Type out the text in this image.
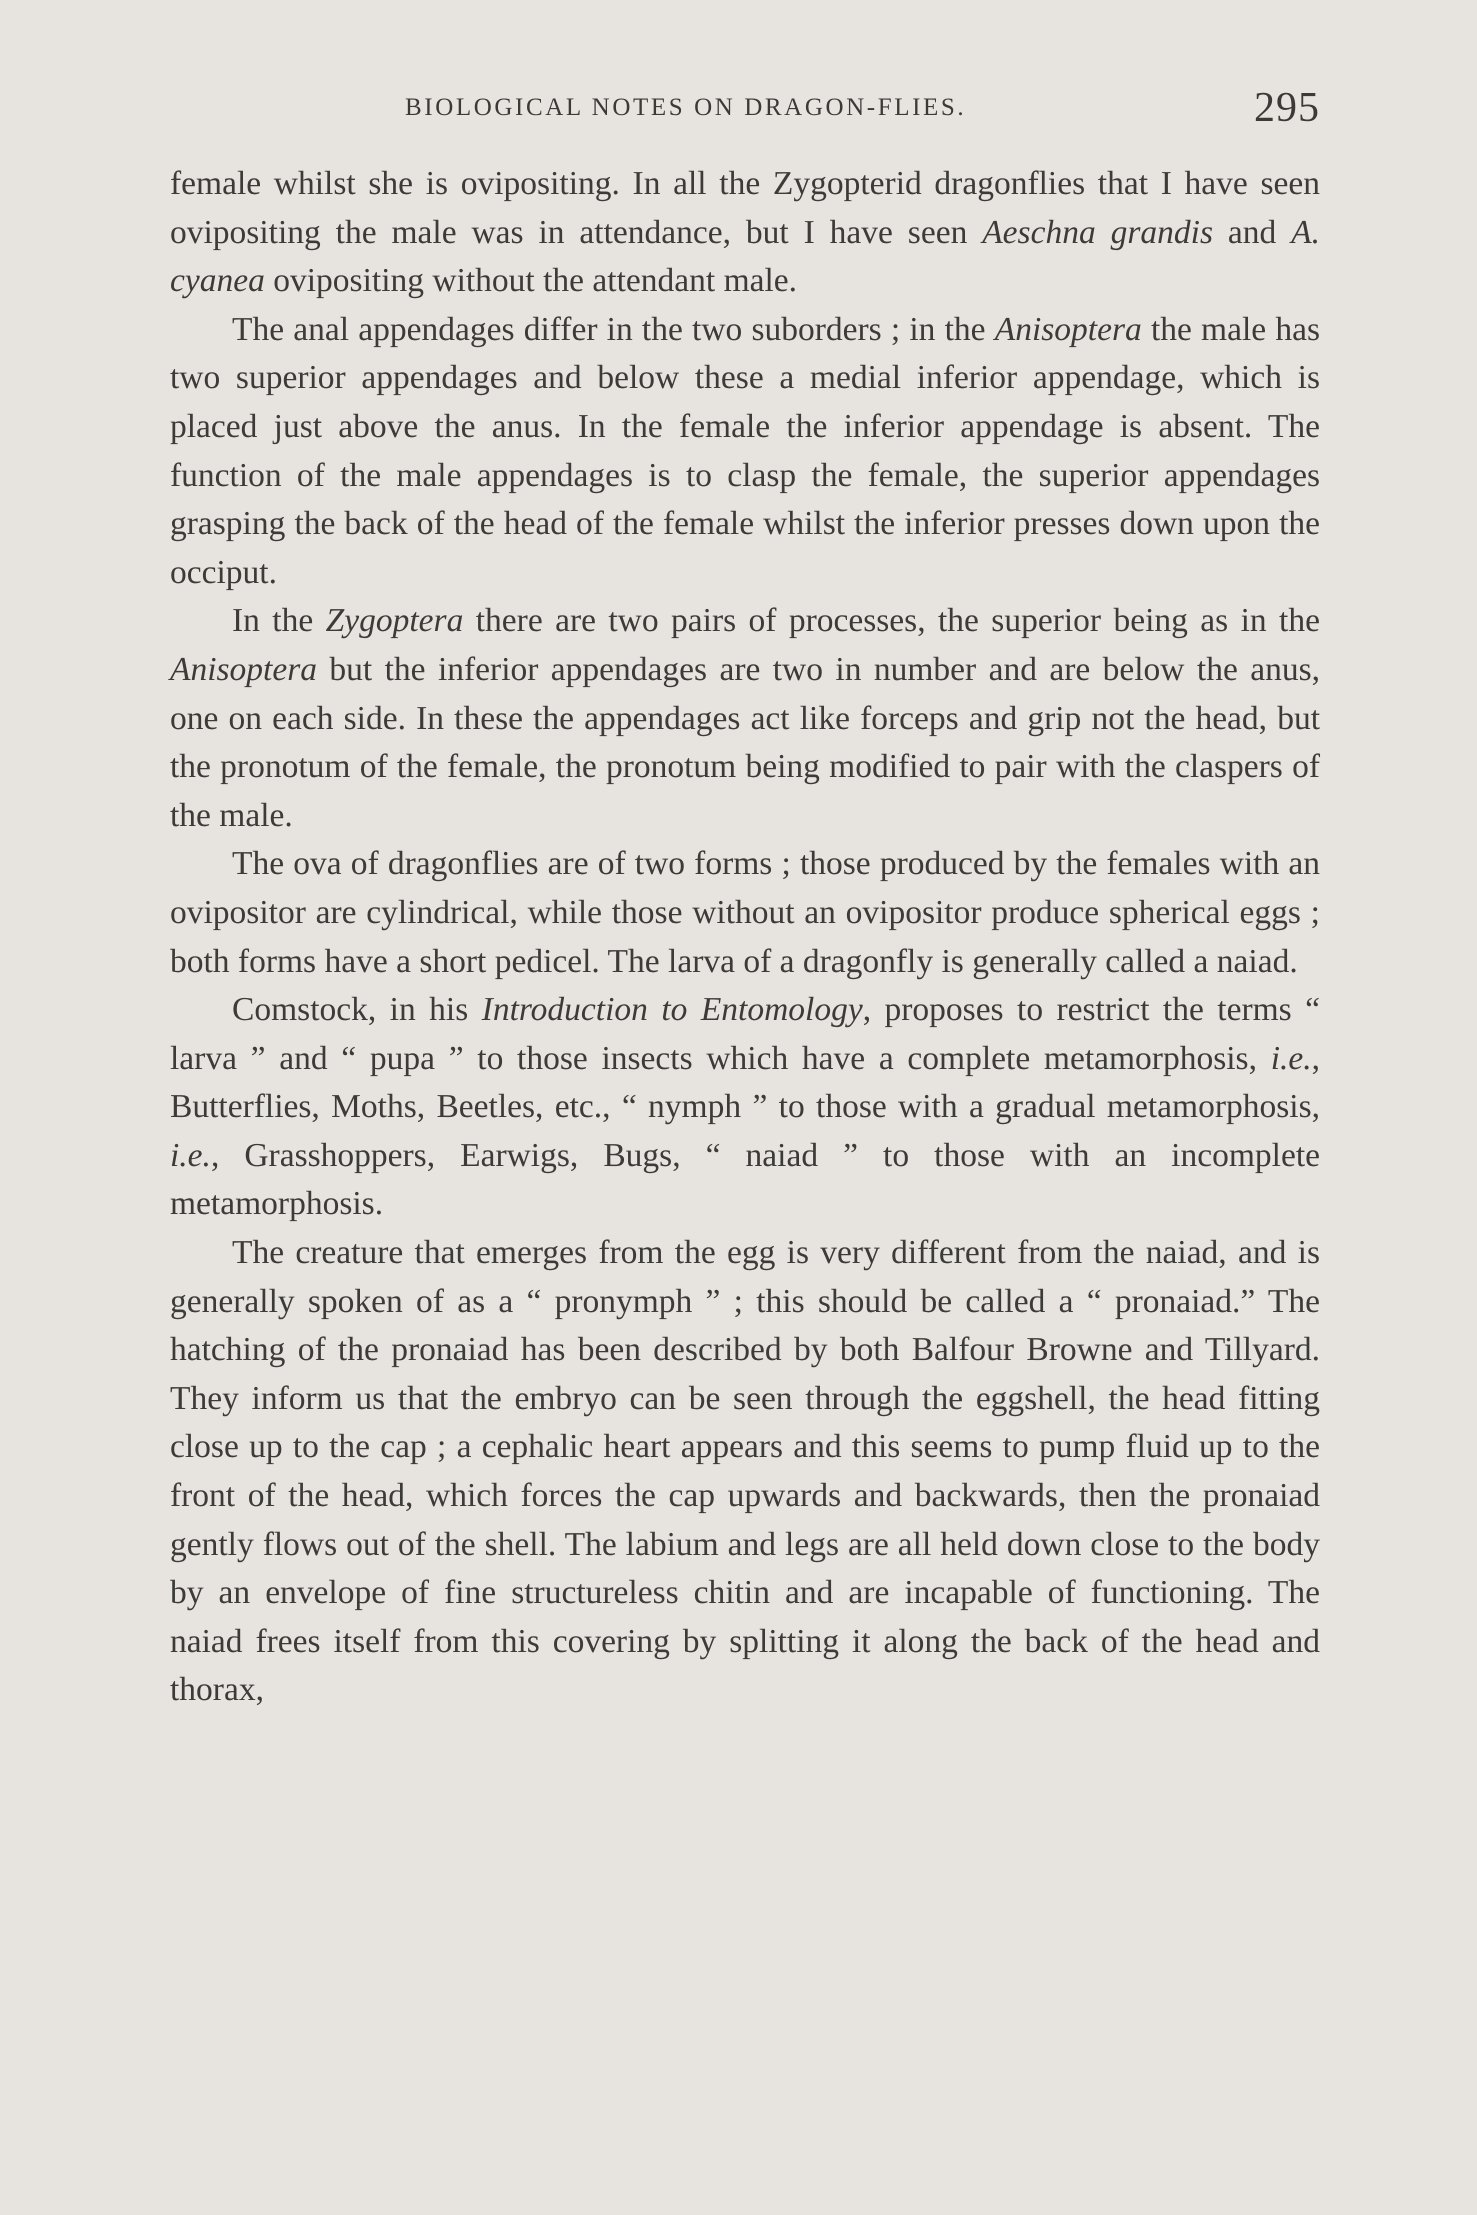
BIOLOGICAL NOTES ON DRAGON-FLIES.	295

female whilst she is ovipositing. In all the Zygopterid dragonflies that I have seen ovipositing the male was in attendance, but I have seen Aeschna grandis and A. cyanea ovipositing without the attendant male.

The anal appendages differ in the two suborders ; in the Anisoptera the male has two superior appendages and below these a medial inferior appendage, which is placed just above the anus. In the female the inferior appendage is absent. The function of the male appendages is to clasp the female, the superior appendages grasping the back of the head of the female whilst the inferior presses down upon the occiput.

In the Zygoptera there are two pairs of processes, the superior being as in the Anisoptera but the inferior appendages are two in number and are below the anus, one on each side. In these the appendages act like forceps and grip not the head, but the pronotum of the female, the pronotum being modified to pair with the claspers of the male.

The ova of dragonflies are of two forms ; those produced by the females with an ovipositor are cylindrical, while those without an ovipositor produce spherical eggs ; both forms have a short pedicel. The larva of a dragonfly is generally called a naiad.

Comstock, in his Introduction to Entomology, proposes to restrict the terms “ larva ” and “ pupa ” to those insects which have a complete metamorphosis, i.e., Butterflies, Moths, Beetles, etc., “ nymph ” to those with a gradual metamorphosis, i.e., Grasshoppers, Earwigs, Bugs, “ naiad ” to those with an incomplete metamorphosis.

The creature that emerges from the egg is very different from the naiad, and is generally spoken of as a “ pronymph ” ; this should be called a “ pronaiad.” The hatching of the pronaiad has been described by both Balfour Browne and Tillyard. They inform us that the embryo can be seen through the eggshell, the head fitting close up to the cap ; a cephalic heart appears and this seems to pump fluid up to the front of the head, which forces the cap upwards and backwards, then the pronaiad gently flows out of the shell. The labium and legs are all held down close to the body by an envelope of fine structureless chitin and are incapable of functioning. The naiad frees itself from this covering by splitting it along the back of the head and thorax,
